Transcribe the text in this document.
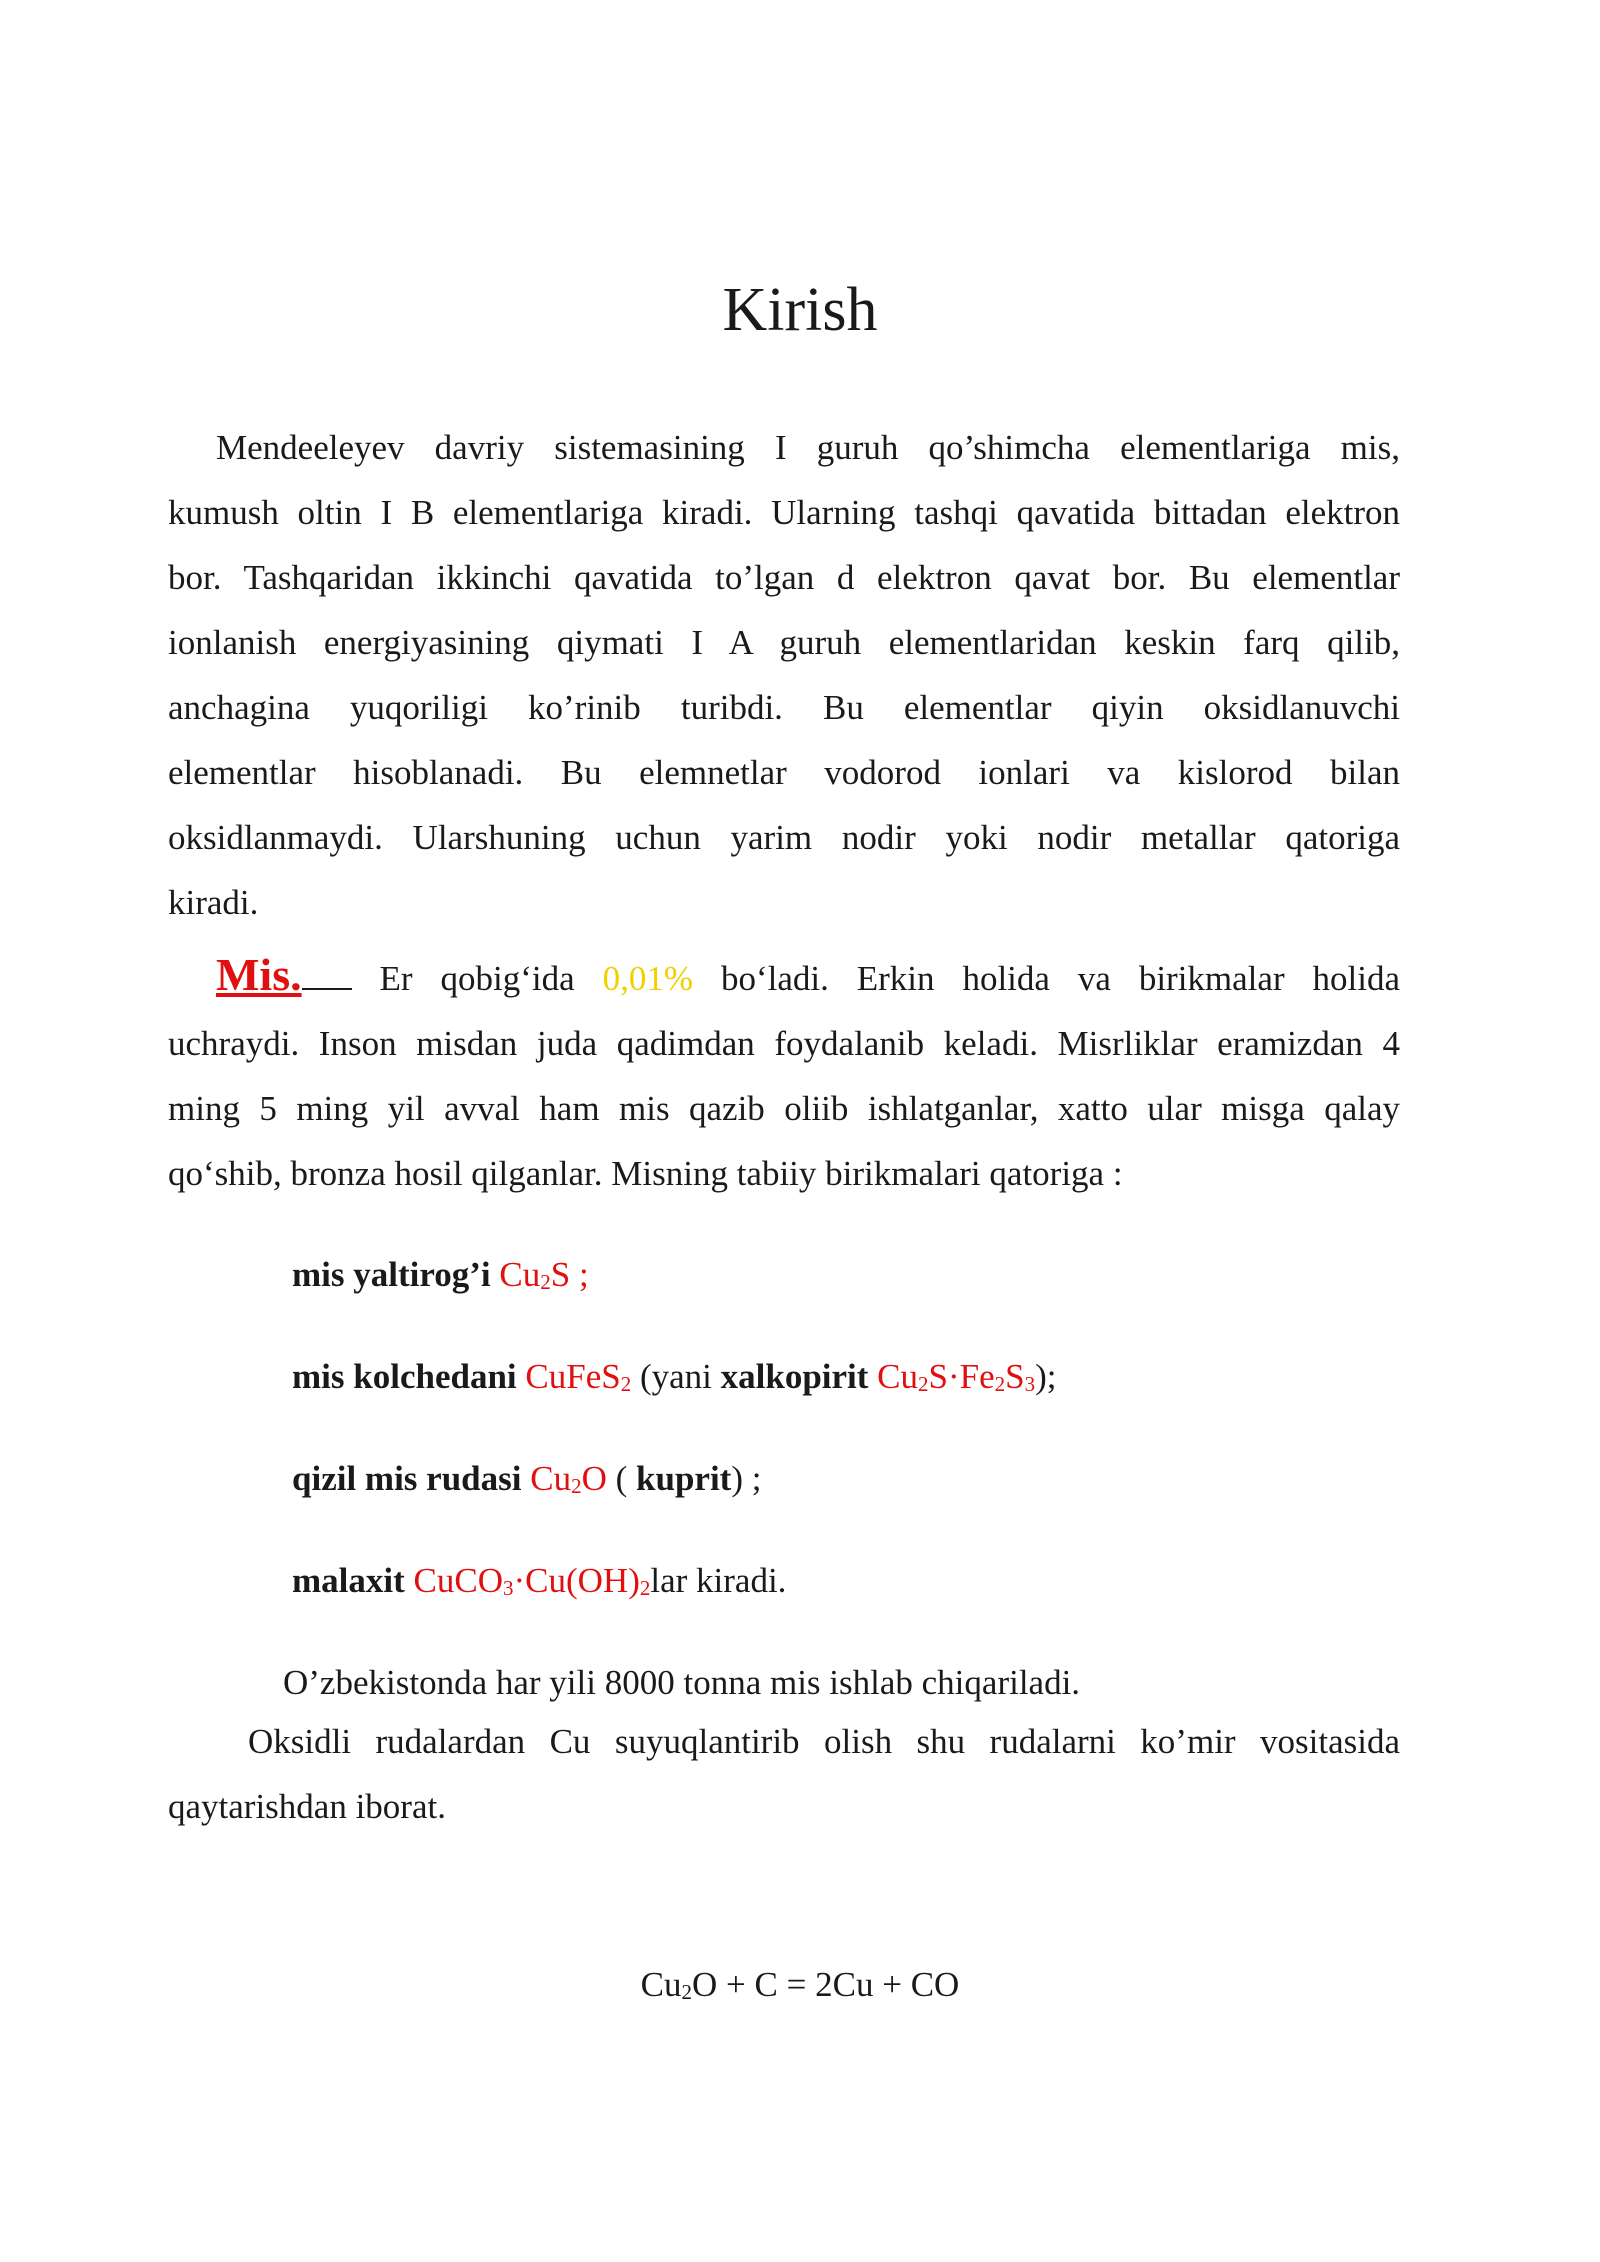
Kirish
Mendeeleyev davriy sistemasining I guruh qo’shimcha elementlariga mis,
kumush oltin I B elementlariga kiradi. Ularning tashqi qavatida bittadan elektron
bor. Tashqaridan ikkinchi qavatida to’lgan d elektron qavat bor. Bu elementlar
ionlanish energiyasining qiymati I A guruh elementlaridan keskin farq qilib,
anchagina yuqoriligi ko’rinib turibdi. Bu elementlar qiyin oksidlanuvchi
elementlar hisoblanadi. Bu elemnetlar vodorod ionlari va kislorod bilan
oksidlanmaydi. Ularshuning uchun yarim nodir yoki nodir metallar qatoriga
kiradi.
Mis. Er qobig‘ida 0,01% bo‘ladi. Erkin holida va birikmalar holida
uchraydi. Inson misdan juda qadimdan foydalanib keladi. Misrliklar eramizdan 4
ming 5 ming yil avval ham mis qazib oliib ishlatganlar, xatto ular misga qalay
qo‘shib, bronza hosil qilganlar. Misning tabiiy birikmalari qatoriga :
mis yaltirog’i $Cu_2S$ ;
mis kolchedani CuFeS$_2$ (yani xalkopirit $Cu_2S\cdot Fe_2S_3$);
qizil mis rudasi $Cu_2O$ ( kuprit) ;
malaxit $CuCO_3\cdot Cu(OH)_2lar$ kiradi.
O’zbekistonda har yili 8000 tonna mis ishlab chiqariladi.
Oksidli rudalardan Cu suyuqlantirib olish shu rudalarni ko’mir vositasida
qaytarishdan iborat.
$Cu_2O + C = 2Cu$ + CO
